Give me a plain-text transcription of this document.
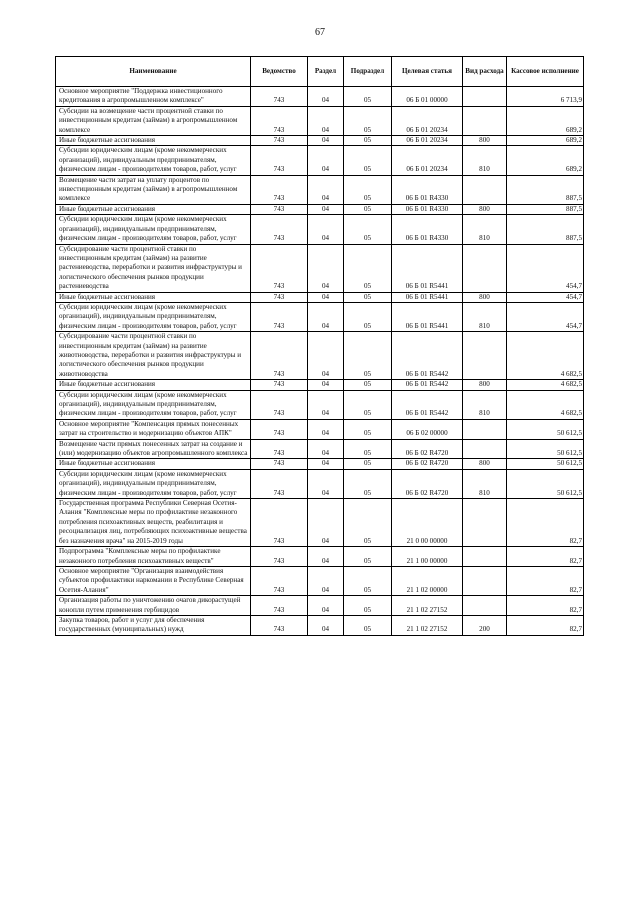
67
Наименование	Ведомство	Раздел	Подраздел	Целевая статья	Вид расхода	Кассовое исполнение
Основное мероприятие "Поддержка инвестиционного кредитования в агропромышленном комплексе"	743	04	05	06 Б 01 00000		6 713,9
Субсидии на возмещение части процентной ставки по инвестиционным кредитам (займам) в агропромышленном комплексе	743	04	05	06 Б 01 20234		689,2
Иные бюджетные ассигнования	743	04	05	06 Б 01 20234	800	689,2
Субсидии юридическим лицам (кроме некоммерческих организаций), индивидуальным предпринимателям, физическим лицам - производителям товаров, работ, услуг	743	04	05	06 Б 01 20234	810	689,2
Возмещение части затрат на уплату процентов по инвестиционным кредитам (займам) в агропромышленном комплексе	743	04	05	06 Б 01 R4330		887,5
Иные бюджетные ассигнования	743	04	05	06 Б 01 R4330	800	887,5
Субсидии юридическим лицам (кроме некоммерческих организаций), индивидуальным предпринимателям, физическим лицам - производителям товаров, работ, услуг	743	04	05	06 Б 01 R4330	810	887,5
Субсидирование части процентной ставки по инвестиционным кредитам (займам) на развитие растениеводства, переработки и развития инфраструктуры и логистического обеспечения рынков продукции растениеводства	743	04	05	06 Б 01 R5441		454,7
Иные бюджетные ассигнования	743	04	05	06 Б 01 R5441	800	454,7
Субсидии юридическим лицам (кроме некоммерческих организаций), индивидуальным предпринимателям, физическим лицам - производителям товаров, работ, услуг	743	04	05	06 Б 01 R5441	810	454,7
Субсидирование части процентной ставки по инвестиционным кредитам (займам) на развитие животноводства, переработки и развития инфраструктуры и логистического обеспечения рынков продукции животноводства	743	04	05	06 Б 01 R5442		4 682,5
Иные бюджетные ассигнования	743	04	05	06 Б 01 R5442	800	4 682,5
Субсидии юридическим лицам (кроме некоммерческих организаций), индивидуальным предпринимателям, физическим лицам - производителям товаров, работ, услуг	743	04	05	06 Б 01 R5442	810	4 682,5
Основное мероприятие "Компенсация прямых понесенных затрат на строительство и модернизацию объектов АПК"	743	04	05	06 Б 02 00000		50 612,5
Возмещение части прямых понесенных затрат на создание и (или) модернизацию объектов агропромышленного комплекса	743	04	05	06 Б 02 R4720		50 612,5
Иные бюджетные ассигнования	743	04	05	06 Б 02 R4720	800	50 612,5
Субсидии юридическим лицам (кроме некоммерческих организаций), индивидуальным предпринимателям, физическим лицам - производителям товаров, работ, услуг	743	04	05	06 Б 02 R4720	810	50 612,5
Государственная программа Республики Северная Осетия-Алания "Комплексные меры по профилактике незаконного потребления психоактивных веществ, реабилитация и ресоциализация лиц, потребляющих психоактивные вещества без назначения врача" на 2015-2019 годы	743	04	05	21 0 00 00000		82,7
Подпрограмма "Комплексные меры по профилактике незаконного потребления психоактивных веществ"	743	04	05	21 1 00 00000		82,7
Основное мероприятие "Организация взаимодействия субъектов профилактики наркомании в Республике Северная Осетия-Алания"	743	04	05	21 1 02 00000		82,7
Организация работы по уничтожению очагов дикорастущей конопли путем применения гербицидов	743	04	05	21 1 02 27152		82,7
Закупка товаров, работ и услуг для обеспечения государственных (муниципальных) нужд	743	04	05	21 1 02 27152	200	82,7
